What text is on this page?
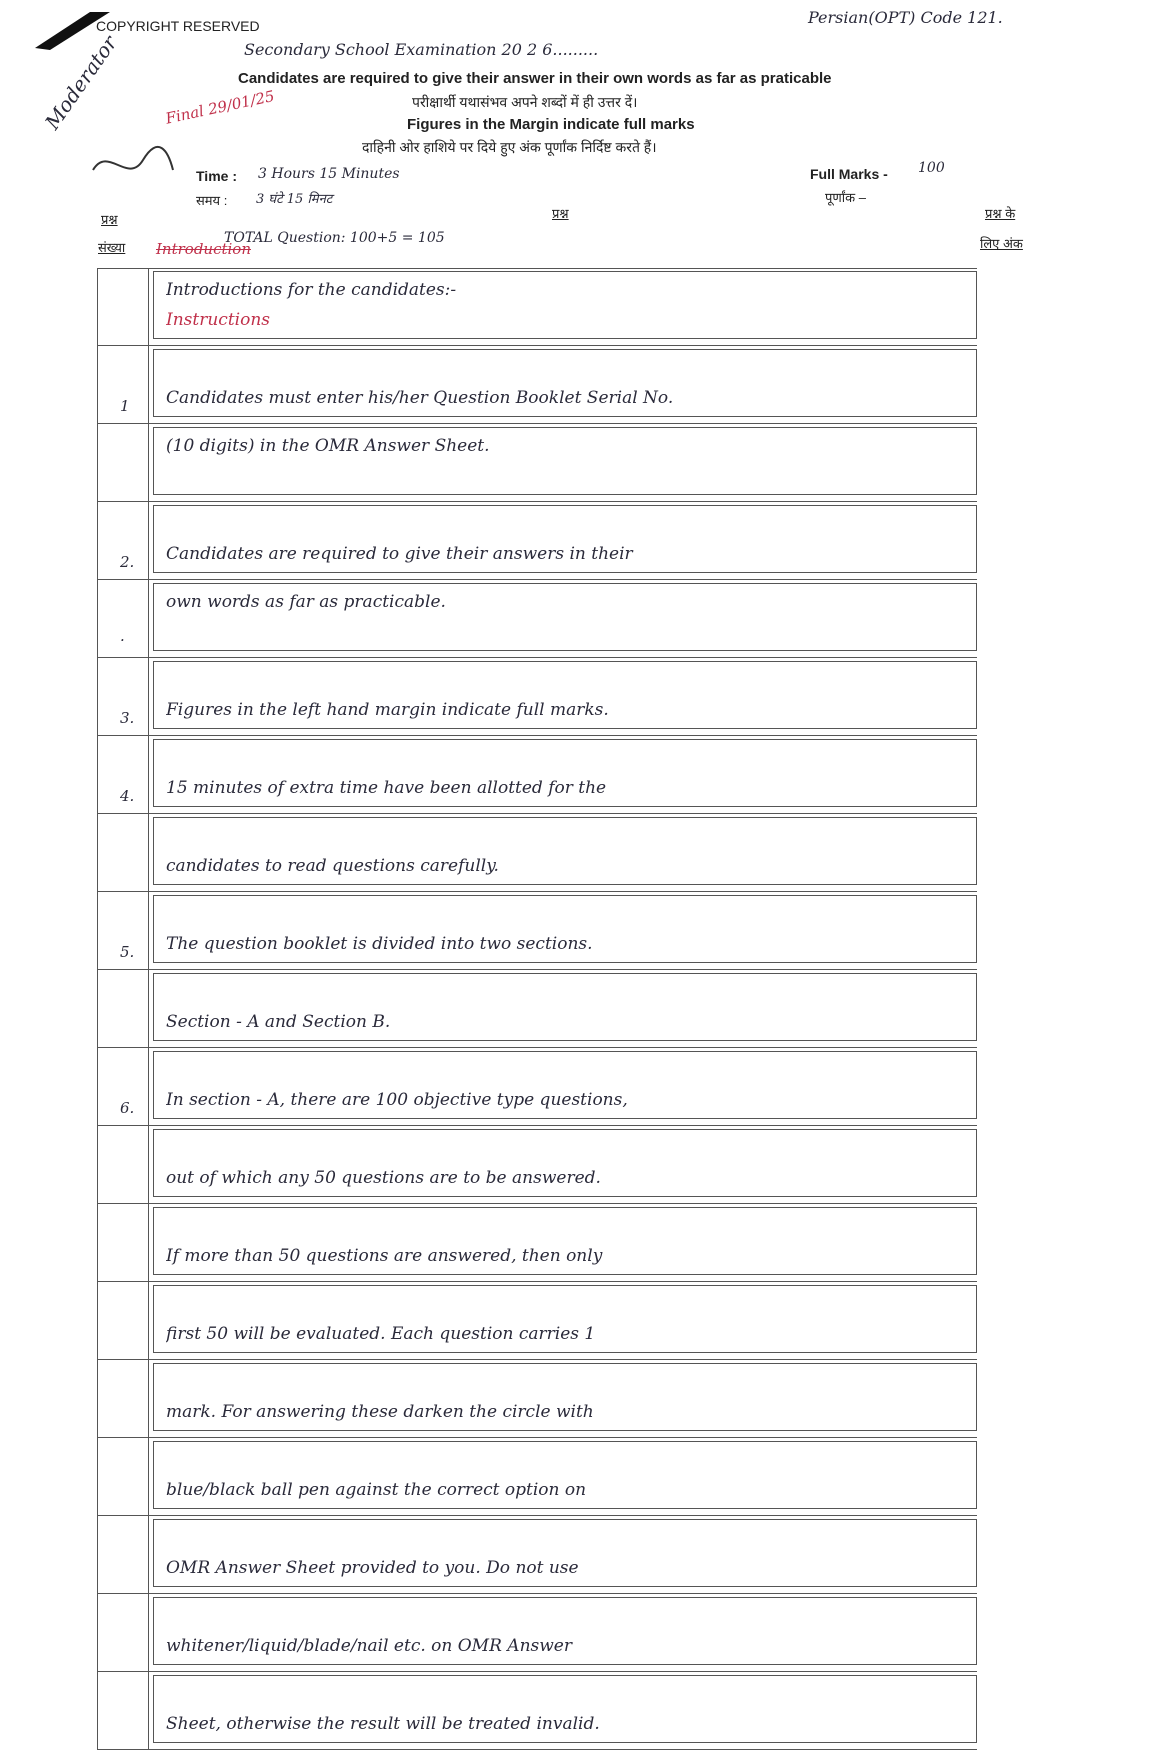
COPYRIGHT RESERVED	Persian(OPT) Code 121.
Secondary School Examination 20 2 6.........
Candidates are required to give their answer in their own words as far as praticable
परीक्षार्थी यथासंभव अपने शब्दों में ही उत्तर दें।
Figures in the Margin indicate full marks
दाहिनी ओर हाशिये पर दिये हुए अंक पूर्णांक निर्दिष्ट करते हैं।
Time : 3 Hours 15 Minutes
समय : 3 घंटे 15 मिनट
Full Marks - 100
पूर्णांक –
प्रश्न
संख्या
प्रश्न	प्रश्न के
लिए अंक
TOTAL Question: 100+5 = 105
Introduction
Moderator	Final 29/01/25
Introductions for the candidates:-
Instructions
1 Candidates must enter his/her Question Booklet Serial No.
(10 digits) in the OMR Answer Sheet.
2. Candidates are required to give their answers in their
·
own words as far as practicable.
3. Figures in the left hand margin indicate full marks.
4. 15 minutes of extra time have been allotted for the
candidates to read questions carefully.
5. The question booklet is divided into two sections.
Section - A and Section B.
6. In section - A, there are 100 objective type questions,
out of which any 50 questions are to be answered.
If more than 50 questions are answered, then only
first 50 will be evaluated. Each question carries 1
mark. For answering these darken the circle with
blue/black ball pen against the correct option on
OMR Answer Sheet provided to you. Do not use
whitener/liquid/blade/nail etc. on OMR Answer
Sheet, otherwise the result will be treated invalid.
